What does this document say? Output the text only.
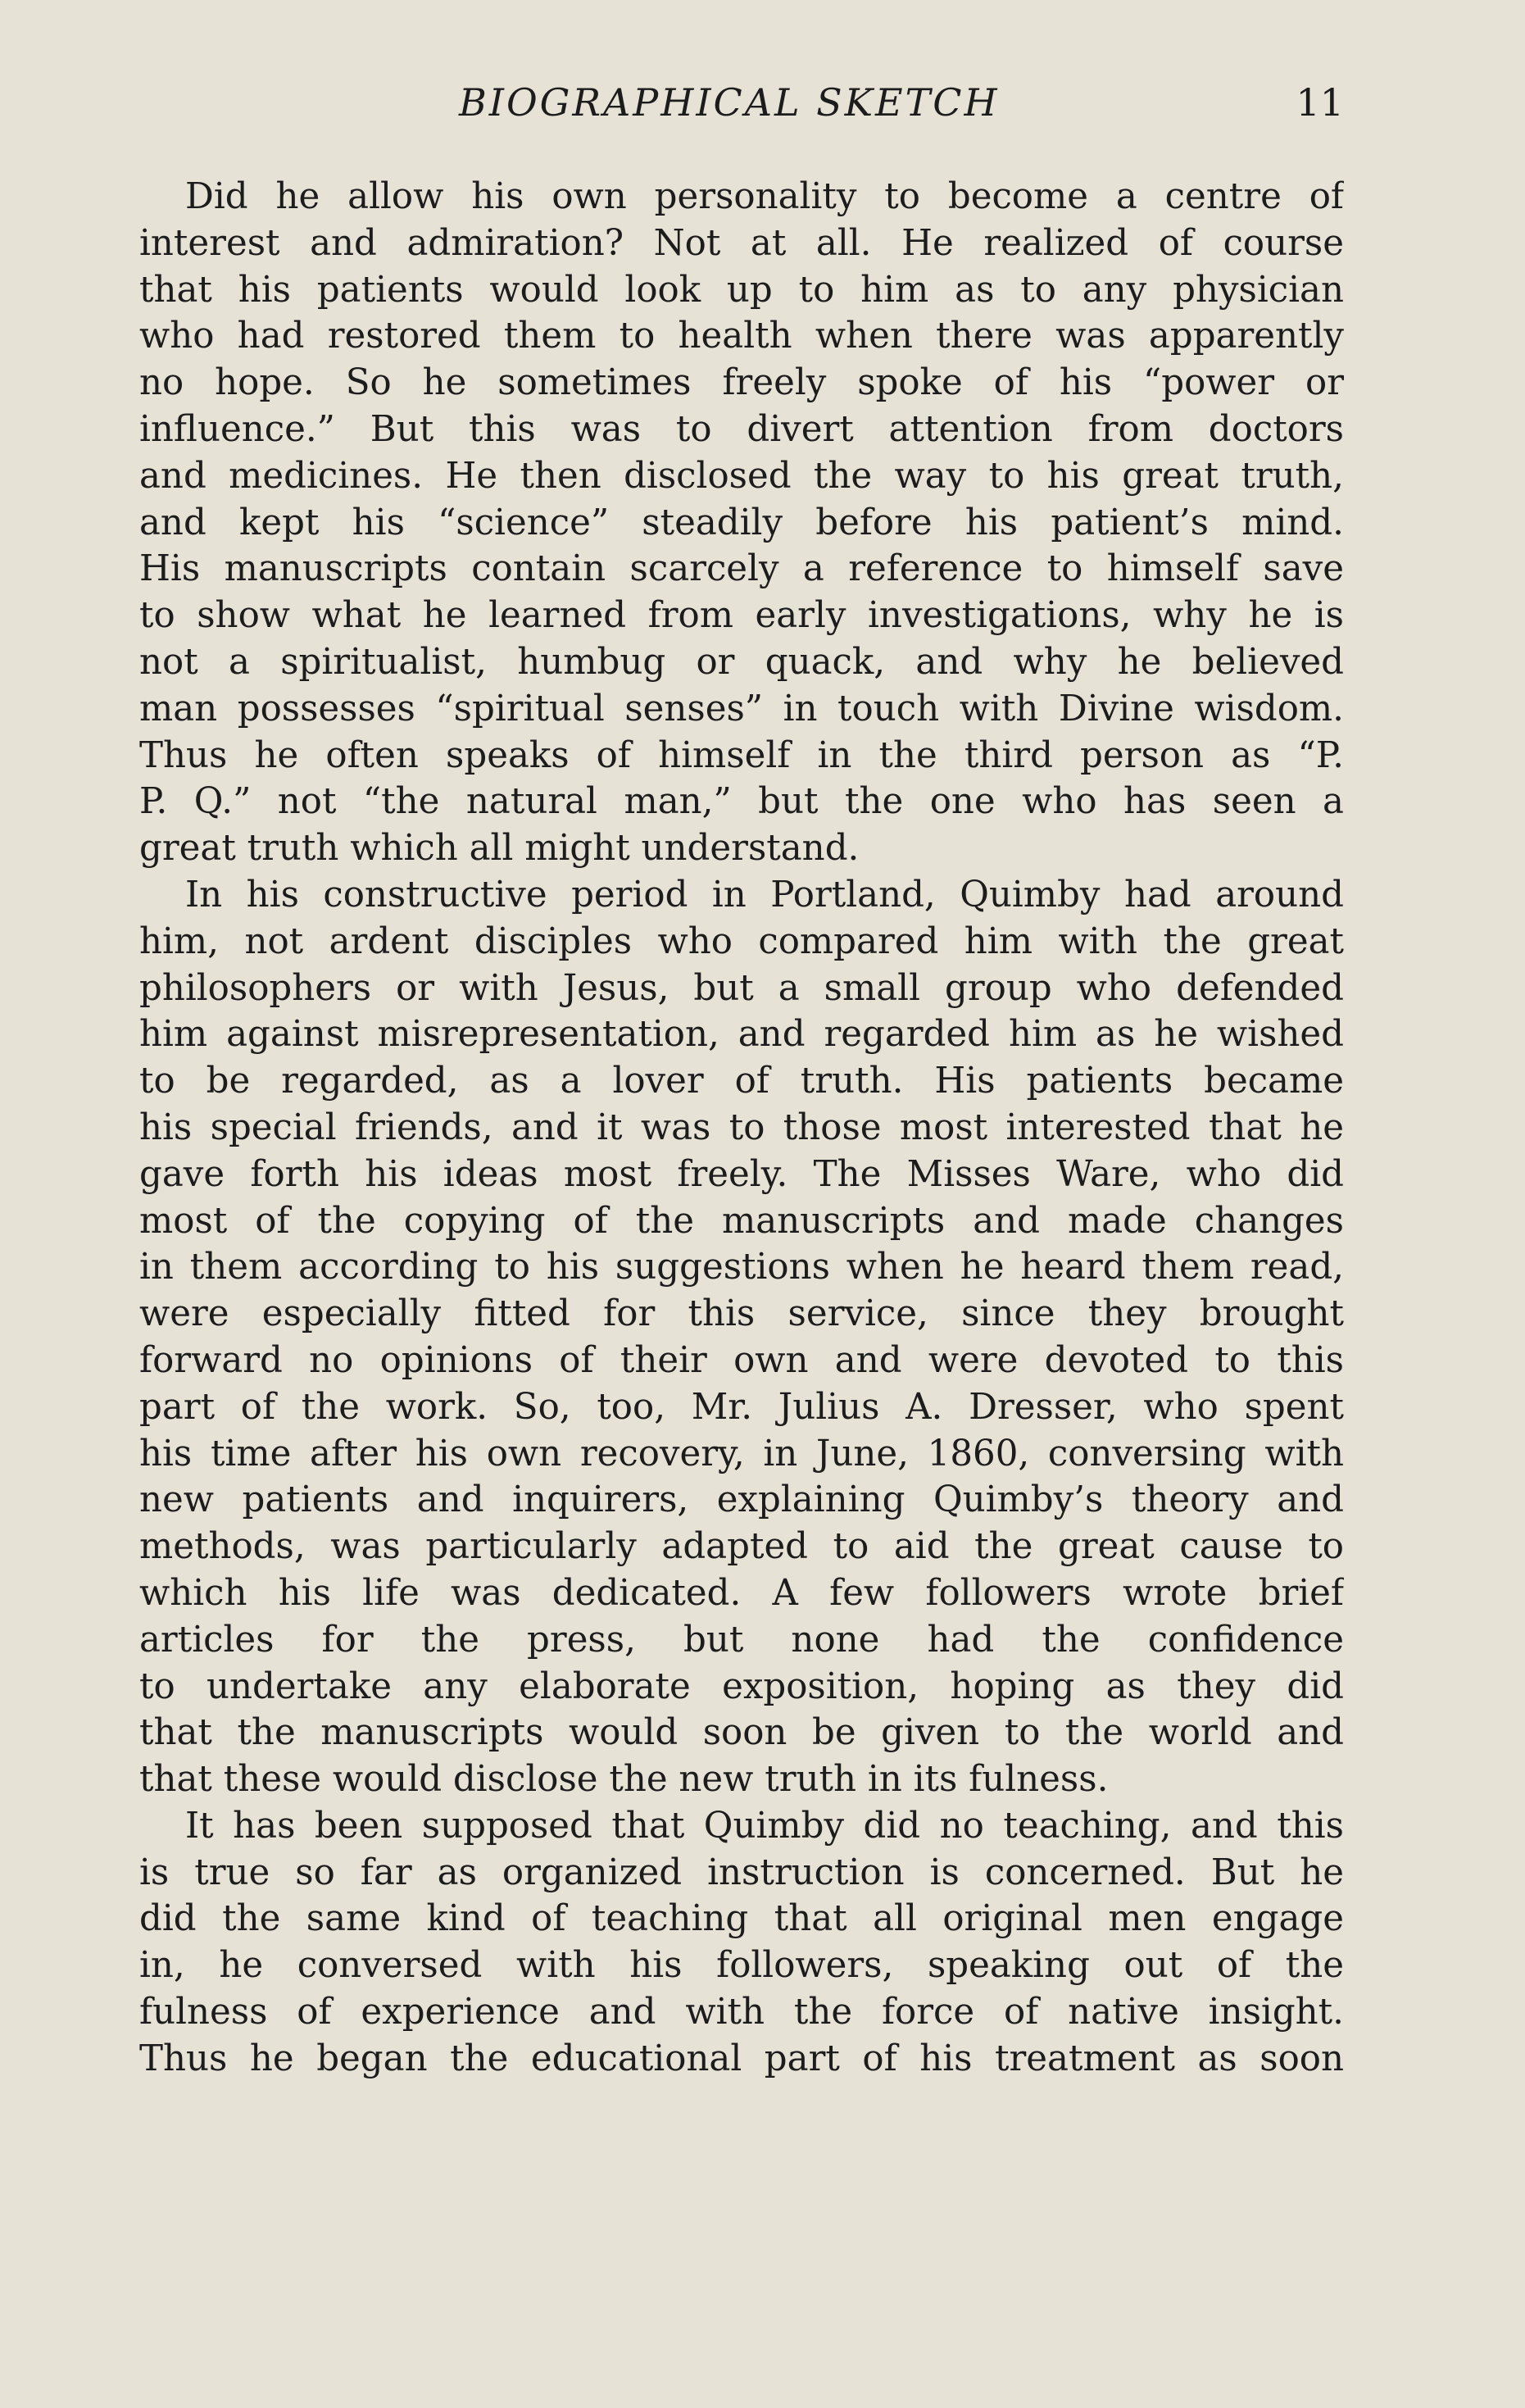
BIOGRAPHICAL SKETCH	11
Did he allow his own personality to become a centre of
interest and admiration? Not at all. He realized of course
that his patients would look up to him as to any physician
who had restored them to health when there was apparently
no hope. So he sometimes freely spoke of his “power or
influence.” But this was to divert attention from doctors
and medicines. He then disclosed the way to his great truth,
and kept his “science” steadily before his patient’s mind.
His manuscripts contain scarcely a reference to himself save
to show what he learned from early investigations, why he is
not a spiritualist, humbug or quack, and why he believed
man possesses “spiritual senses” in touch with Divine wisdom.
Thus he often speaks of himself in the third person as “P.
P. Q.” not “the natural man,” but the one who has seen a
great truth which all might understand.
In his constructive period in Portland, Quimby had around
him, not ardent disciples who compared him with the great
philosophers or with Jesus, but a small group who defended
him against misrepresentation, and regarded him as he wished
to be regarded, as a lover of truth. His patients became
his special friends, and it was to those most interested that he
gave forth his ideas most freely. The Misses Ware, who did
most of the copying of the manuscripts and made changes
in them according to his suggestions when he heard them read,
were especially fitted for this service, since they brought
forward no opinions of their own and were devoted to this
part of the work. So, too, Mr. Julius A. Dresser, who spent
his time after his own recovery, in June, 1860, conversing with
new patients and inquirers, explaining Quimby’s theory and
methods, was particularly adapted to aid the great cause to
which his life was dedicated. A few followers wrote brief
articles for the press, but none had the confidence
to undertake any elaborate exposition, hoping as they did
that the manuscripts would soon be given to the world and
that these would disclose the new truth in its fulness.
It has been supposed that Quimby did no teaching, and this
is true so far as organized instruction is concerned. But he
did the same kind of teaching that all original men engage
in, he conversed with his followers, speaking out of the
fulness of experience and with the force of native insight.
Thus he began the educational part of his treatment as soon
